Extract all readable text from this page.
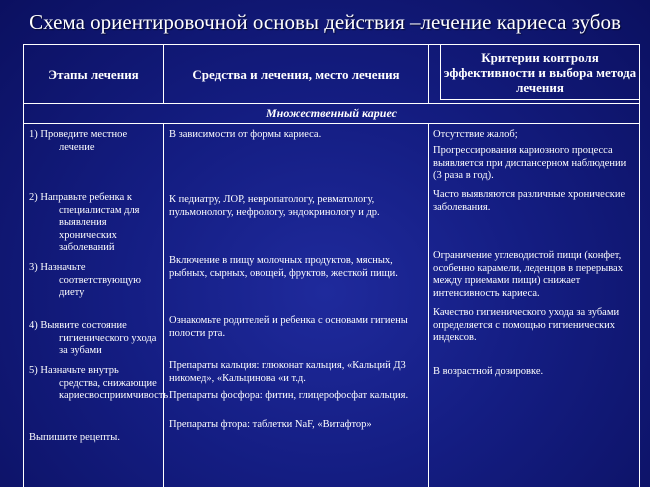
Схема ориентировочной основы действия –лечение кариеса зубов
Этапы лечения	Средства и лечения, место лечения
Критерии контроля эффективности и выбора метода лечения
Множественный кариес
1) Проведите местное лечение
2) Направьте ребенка к специалистам для выявления хронических заболеваний
3) Назначьте соответствующую диету
4) Выявите состояние гигиенического ухода за зубами
5) Назначьте внутрь средства, снижающие кариесвосприимчивость
Выпишите рецепты.
В зависимости от формы кариеса.
К педиатру, ЛОР, невропатологу, ревматологу, пульмонологу, нефрологу, эндокринологу и др.
Включение в пищу молочных продуктов, мясных, рыбных, сырных, овощей, фруктов, жесткой пищи.
Ознакомьте родителей и ребенка с основами гигиены полости рта.
Препараты кальция: глюконат кальция, «Кальций Д3 никомед», «Кальцинова «и т.д.
Препараты фосфора: фитин, глицерофосфат кальция.
Препараты фтора: таблетки NaF, «Витафтор»
Отсутствие жалоб;
Прогрессирования кариозного процесса выявляется при диспансерном наблюдении (3 раза в год).
Часто выявляются различные хронические заболевания.
Ограничение углеводистой пищи (конфет, особенно карамели, леденцов в перерывах между приемами пищи) снижает интенсивность кариеса.
Качество гигиенического ухода за зубами определяется с помощью гигиенических индексов.
В возрастной дозировке.
